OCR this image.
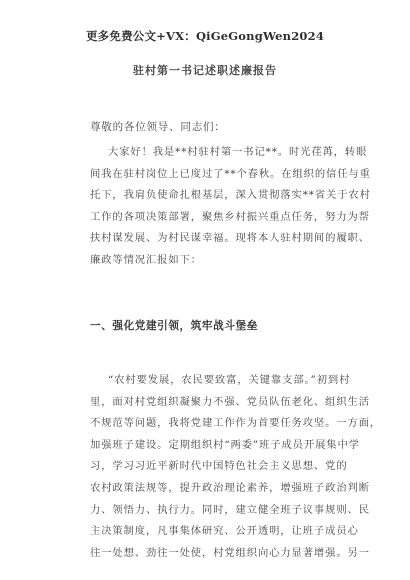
更多免费公文+VX：QiGeGongWen2024
驻村第一书记述职述廉报告
尊敬的各位领导、同志们：
大家好！我是**村驻村第一书记**。时光荏苒，转眼
间我在驻村岗位上已度过了**个春秋。在组织的信任与重
托下，我肩负使命扎根基层，深入贯彻落实**省关于农村
工作的各项决策部署，聚焦乡村振兴重点任务，努力为帮
扶村谋发展、为村民谋幸福。现将本人驻村期间的履职、
廉政等情况汇报如下：
一、强化党建引领，筑牢战斗堡垒
“农村要发展，农民要致富，关键靠支部。”初到村
里，面对村党组织凝聚力不强、党员队伍老化、组织生活
不规范等问题，我将党建工作作为首要任务攻坚。一方面，
加强班子建设。定期组织村“两委”班子成员开展集中学
习，学习习近平新时代中国特色社会主义思想、党的
农村政策法规等，提升政治理论素养，增强班子政治判断
力、领悟力、执行力。同时，建立健全班子议事规则、民
主决策制度，凡事集体研究、公开透明，让班子成员心
往一处想、劲往一处使，村党组织向心力显著增强。另一
